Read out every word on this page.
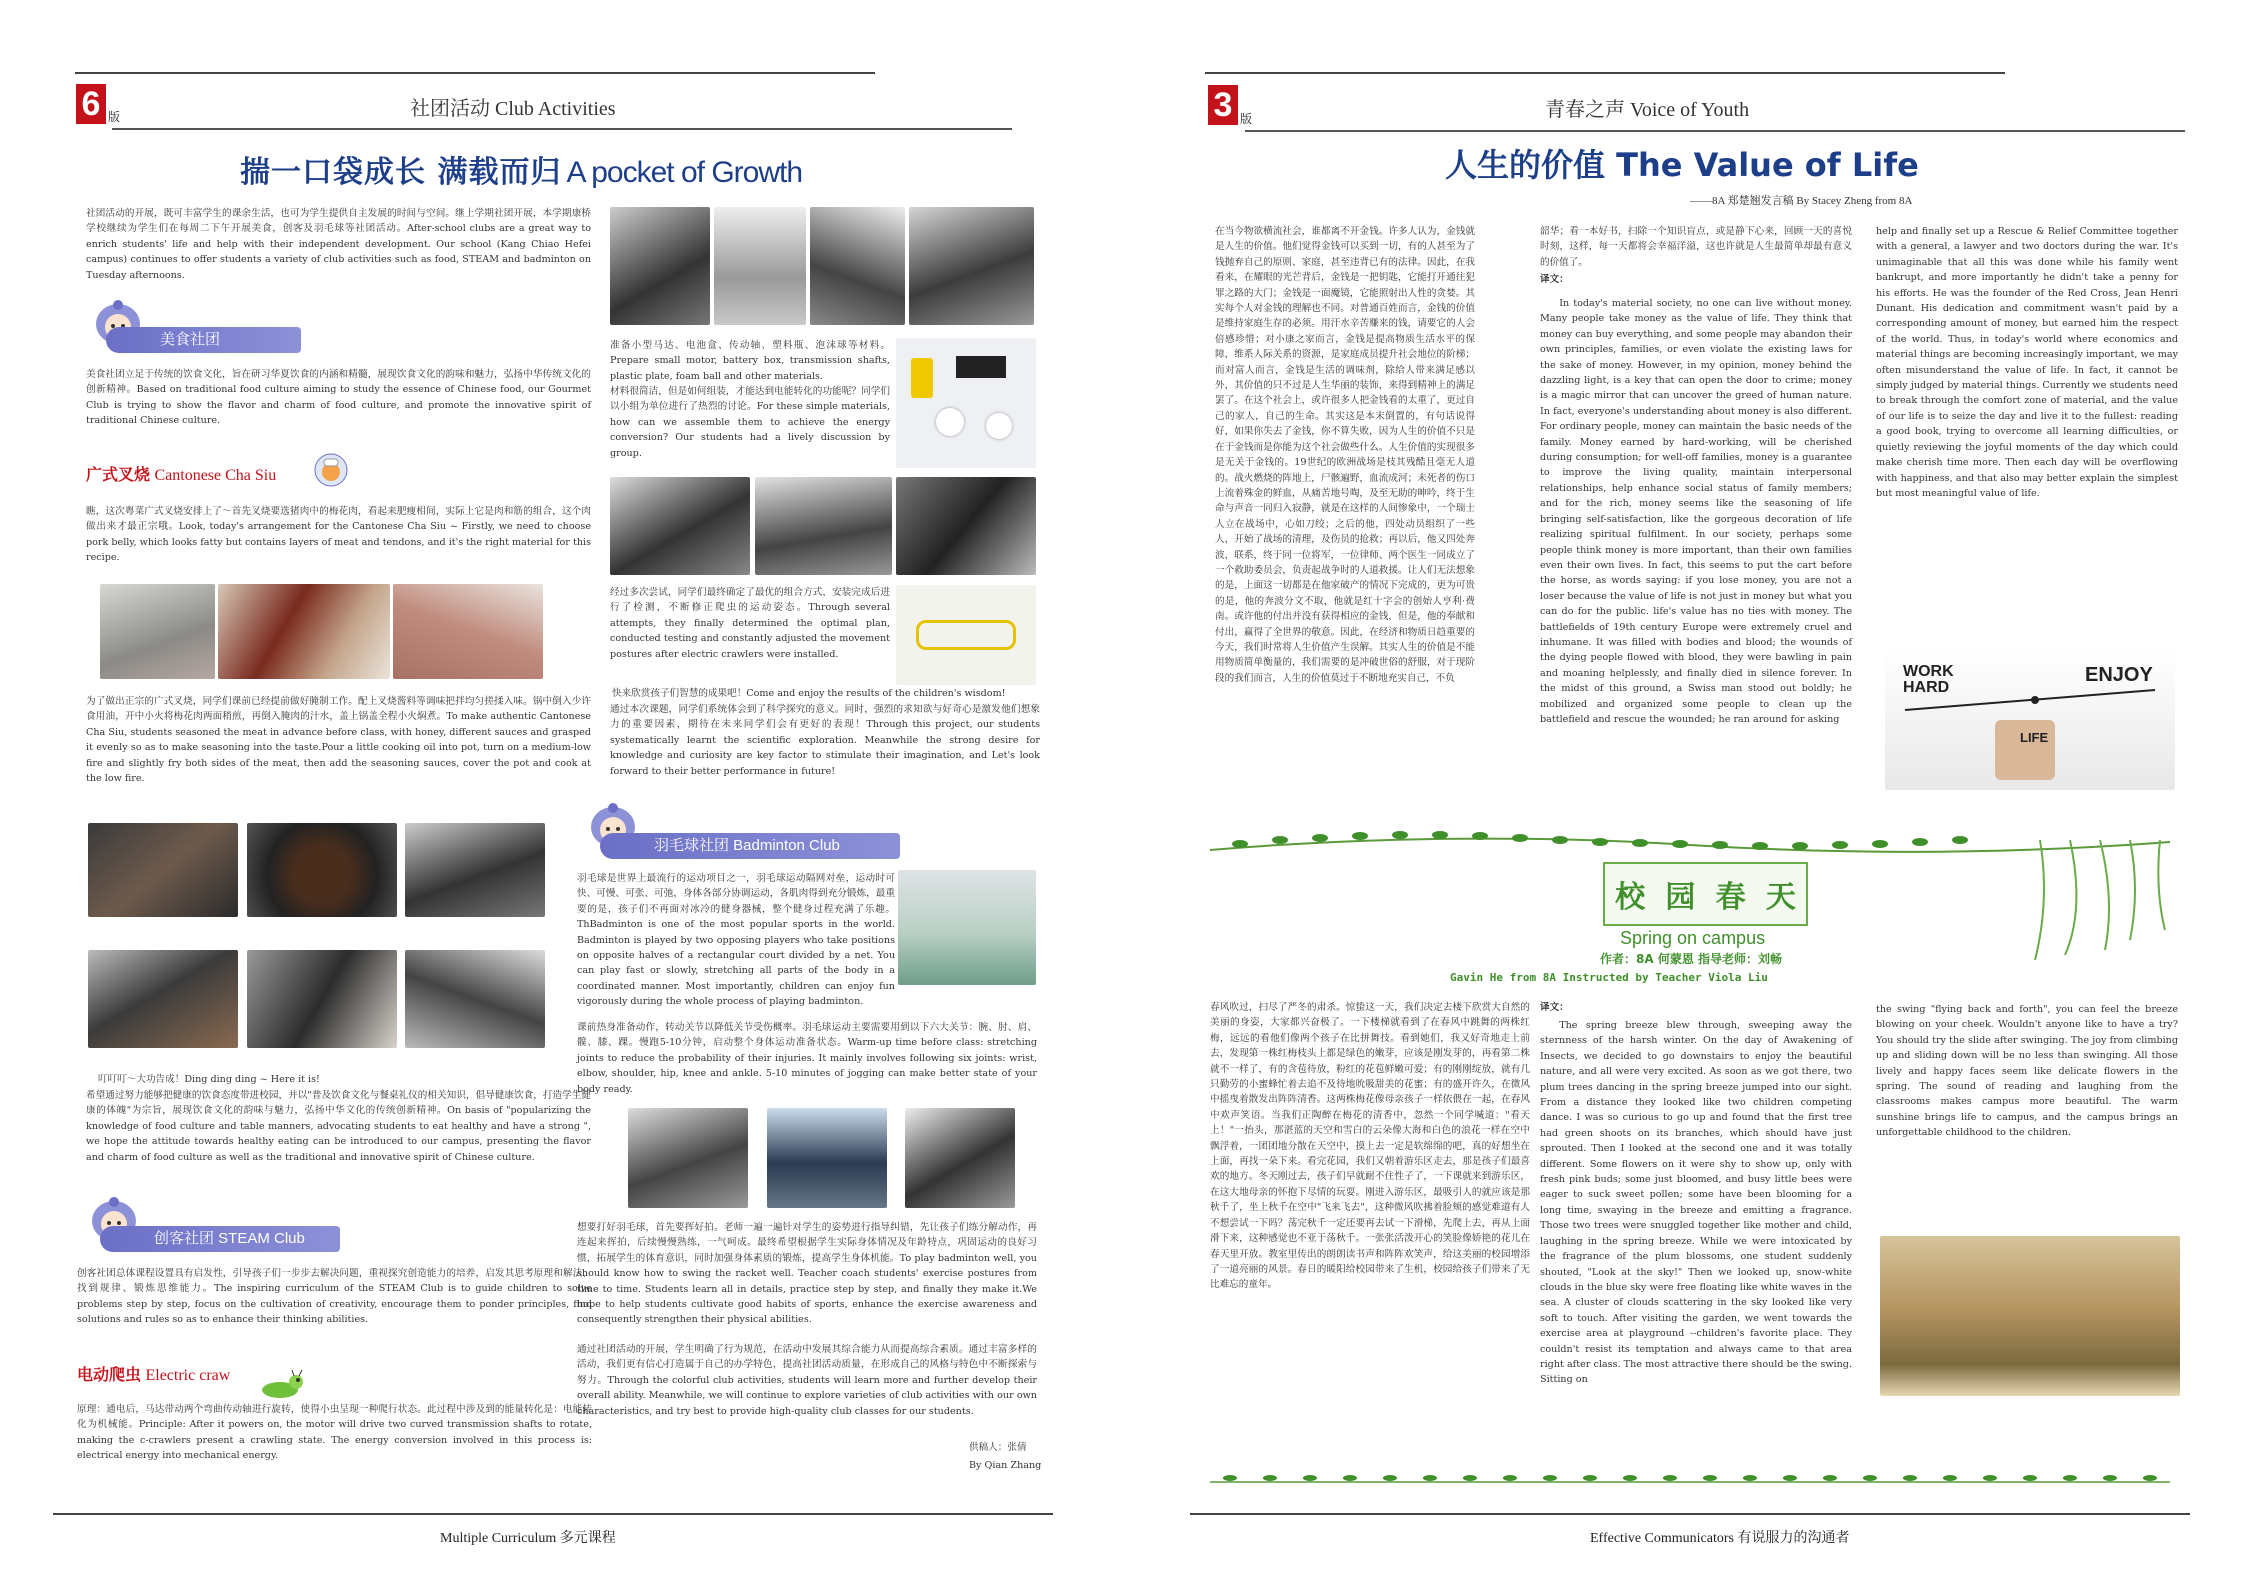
6 版	社团活动 Club Activities
揣一口袋成长 满载而归 A pocket of Growth
社团活动的开展，既可丰富学生的课余生活，也可为学生提供自主发展的时间与空间。继上学期社团开展，本学期康桥学校继续为学生们在每周二下午开展美食，创客及羽毛球等社团活动。After-school clubs are a great way to enrich students' life and help with their independent development. Our school (Kang Chiao Hefei campus) continues to offer students a variety of club activities such as food, STEAM and badminton on Tuesday afternoons.
美食社团
美食社团立足于传统的饮食文化，旨在研习华夏饮食的内涵和精髓，展现饮食文化的韵味和魅力，弘扬中华传统文化的创新精神。Based on traditional food culture aiming to study the essence of Chinese food, our Gourmet Club is trying to show the flavor and charm of food culture, and promote the innovative spirit of traditional Chinese culture.
广式叉烧 Cantonese Cha Siu
瞧，这次粤菜广式叉烧安排上了～首先叉烧要选猪肉中的梅花肉，看起来肥瘦相间，实际上它是肉和筋的组合，这个肉做出来才最正宗哦。Look, today's arrangement for the Cantonese Cha Siu ~ Firstly, we need to choose pork belly, which looks fatty but contains layers of meat and tendons, and it's the right material for this recipe.
为了做出正宗的广式叉烧，同学们课前已经提前做好腌制工作。配上叉烧酱料等调味把拌均匀搓揉入味。锅中倒入少许食用油，开中小火将梅花肉两面稍煎，再倒入腌肉的汁水，盖上锅盖全程小火焖煮。To make authentic Cantonese Cha Siu, students seasoned the meat in advance before class, with honey, different sauces and grasped it evenly so as to make seasoning into the taste.Pour a little cooking oil into pot, turn on a medium-low fire and slightly fry both sides of the meat, then add the seasoning sauces, cover the pot and cook at the low fire.
叮叮叮～大功告成！Ding ding ding ~ Here it is!
希望通过努力能够把健康的饮食态度带进校园，并以"普及饮食文化与餐桌礼仪的相关知识，倡导健康饮食，打造学生健康的体魄"为宗旨，展现饮食文化的韵味与魅力，弘扬中华文化的传统创新精神。On basis of "popularizing the knowledge of food culture and table manners, advocating students to eat healthy and have a strong ", we hope the attitude towards healthy eating can be introduced to our campus, presenting the flavor and charm of food culture as well as the traditional and innovative spirit of Chinese culture.
创客社团 STEAM Club
创客社团总体课程设置具有启发性，引导孩子们一步步去解决问题，重视探究创造能力的培养，启发其思考原理和解法、找到规律、锻炼思维能力。The inspiring curriculum of the STEAM Club is to guide children to solve problems step by step, focus on the cultivation of creativity, encourage them to ponder principles, find solutions and rules so as to enhance their thinking abilities.
电动爬虫 Electric craw
原理：通电后，马达带动两个弯曲传动轴进行旋转，使得小虫呈现一种爬行状态。此过程中涉及到的能量转化是：电能转化为机械能。Principle: After it powers on, the motor will drive two curved transmission shafts to rotate, making the c-crawlers present a crawling state. The energy conversion involved in this process is: electrical energy into mechanical energy.
准备小型马达、电池盒、传动轴、塑料瓶、泡沫球等材料。Prepare small motor, battery box, transmission shafts, plastic plate, foam ball and other materials.
材料很简洁，但是如何组装，才能达到电能转化的功能呢？同学们以小组为单位进行了热烈的讨论。For these simple materials, how can we assemble them to achieve the energy conversion? Our students had a lively discussion by group.
经过多次尝试，同学们最终确定了最优的组合方式，安装完成后进行了检测，不断修正爬虫的运动姿态。Through several attempts, they finally determined the optimal plan, conducted testing and constantly adjusted the movement postures after electric crawlers were installed.
快来欣赏孩子们智慧的成果吧！Come and enjoy the results of the children's wisdom!
通过本次课题，同学们系统体会到了科学探究的意义。同时，强烈的求知欲与好奇心是激发他们想象力的重要因素，期待在未来同学们会有更好的表现！Through this project, our students systematically learnt the scientific exploration. Meanwhile the strong desire for knowledge and curiosity are key factor to stimulate their imagination, and Let's look forward to their better performance in future!
羽毛球社团 Badminton Club
羽毛球是世界上最流行的运动项目之一，羽毛球运动隔网对垒，运动时可快、可慢、可张、可弛，身体各部分协调运动，各肌肉得到充分锻炼，最重要的是，孩子们不再面对冰冷的健身器械，整个健身过程充满了乐趣。ThBadminton is one of the most popular sports in the world. Badminton is played by two opposing players who take positions on opposite halves of a rectangular court divided by a net. You can play fast or slowly, stretching all parts of the body in a coordinated manner. Most importantly, children can enjoy fun vigorously during the whole process of playing badminton.
课前热身准备动作，转动关节以降低关节受伤概率。羽毛球运动主要需要用到以下六大关节：腕、肘、肩、髋、膝、踝。慢跑5-10分钟，启动整个身体运动准备状态。Warm-up time before class: stretching joints to reduce the probability of their injuries. It mainly involves following six joints: wrist, elbow, shoulder, hip, knee and ankle. 5-10 minutes of jogging can make better state of your body ready.
想要打好羽毛球，首先要挥好拍。老师一遍一遍针对学生的姿势进行指导纠错，先让孩子们练分解动作，再连起来挥拍，后续慢慢熟练，一气呵成。最终希望根据学生实际身体情况及年龄特点，巩固运动的良好习惯，拓展学生的体育意识，同时加强身体素质的锻炼，提高学生身体机能。To play badminton well, you should know how to swing the racket well. Teacher coach students' exercise postures from time to time. Students learn all in details, practice step by step, and finally they make it.We hope to help students cultivate good habits of sports, enhance the exercise awareness and consequently strengthen their physical abilities.
通过社团活动的开展，学生明确了行为规范，在活动中发展其综合能力从而提高综合素质。通过丰富多样的活动，我们更有信心打造属于自己的办学特色，提高社团活动质量，在形成自己的风格与特色中不断探索与努力。Through the colorful club activities, students will learn more and further develop their overall ability. Meanwhile, we will continue to explore varieties of club activities with our own characteristics, and try best to provide high-quality club classes for our students.
供稿人：张倩
By Qian Zhang
Multiple Curriculum 多元课程
3 版	青春之声 Voice of Youth
人生的价值 The Value of Life
——8A 郑楚翘发言稿 By Stacey Zheng from 8A
在当今物欲横流社会，谁都离不开金钱。许多人认为，金钱就是人生的价值。他们觉得金钱可以买到一切，有的人甚至为了钱抛弃自己的原则、家庭，甚至违背已有的法律。因此，在我看来，在耀眼的光芒背后，金钱是一把钥匙，它能打开通往犯罪之路的大门；金钱是一面魔镜，它能照射出人性的贪婪。其实每个人对金钱的理解也不同。对普通百姓而言，金钱的价值是维持家庭生存的必须。用汗水辛苦赚来的钱，请要它的人会倍感珍惜；对小康之家而言，金钱是提高物质生活水平的保障，维系人际关系的资源，是家庭成员提升社会地位的阶梯；而对富人而言，金钱是生活的调味剂，除给人带来满足感以外，其价值的只不过是人生华丽的装饰，来得到精神上的满足罢了。在这个社会上，或许很多人把金钱看的太重了，更过自己的家人，自己的生命。其实这是本末倒置的，有句话说得好，如果你失去了金钱，你不算失败，因为人生的价值不只是在于金钱而是你能为这个社会做些什么。人生价值的实现很多是无关于金钱的。19世纪的欧洲战场是枝其残酷且毫无人道的。战火燃烧的阵地上，尸骸遍野，血流成河；未死者的伤口上流着殊金的鲜血，从痛苦地号啕，及至无助的呻吟，终于生命与声音一同归入寂静，就是在这样的人间惨象中，一个瑞士人立在战场中，心如刀绞；之后的他，四处动员组织了一些人，开始了战场的清理，及伤员的抢救；再以后，他又四处奔波，联系，终于同一位将军，一位律师、两个医生一同成立了一个救助委员会，负责起战争时的人道救援。让人们无法想象的是，上面这一切都是在他家破产的情况下完成的，更为可贵的是，他的奔波分文不取，他就是红十字会的创始人亨利·费南。或许他的付出并没有获得相应的金钱，但是，他的奉献和付出，赢得了全世界的敬意。因此，在经济和物质日趋重要的今天，我们时常将人生价值产生误解。其实人生的价值是不能用物质简单衡量的，我们需要的是冲破世俗的舒服，对于现阶段的我们而言，人生的价值莫过于不断地充实自己，不负
韶华；看一本好书，扫除一个知识盲点，或是静下心来，回顾一天的喜悦时刻，这样，每一天都将会幸福洋溢，这也许就是人生最简单却最有意义的价值了。
译文：
In today's material society, no one can live without money. Many people take money as the value of life. They think that money can buy everything, and some people may abandon their own principles, families, or even violate the existing laws for the sake of money. However, in my opinion, money behind the dazzling light, is a key that can open the door to crime; money is a magic mirror that can uncover the greed of human nature. In fact, everyone's understanding about money is also different. For ordinary people, money can maintain the basic needs of the family. Money earned by hard-working, will be cherished during consumption; for well-off families, money is a guarantee to improve the living quality, maintain interpersonal relationships, help enhance social status of family members; and for the rich, money seems like the seasoning of life bringing self-satisfaction, like the gorgeous decoration of life realizing spiritual fulfilment. In our society, perhaps some people think money is more important, than their own families even their own lives. In fact, this seems to put the cart before the horse, as words saying: if you lose money, you are not a loser because the value of life is not just in money but what you can do for the public. life's value has no ties with money. The battlefields of 19th century Europe were extremely cruel and inhumane. It was filled with bodies and blood; the wounds of the dying people flowed with blood, they were bawling in pain and moaning helplessly, and finally died in silence forever. In the midst of this ground, a Swiss man stood out boldly; he mobilized and organized some people to clean up the battlefield and rescue the wounded; he ran around for asking
help and finally set up a Rescue & Relief Committee together with a general, a lawyer and two doctors during the war. It's unimaginable that all this was done while his family went bankrupt, and more importantly he didn't take a penny for his efforts. He was the founder of the Red Cross, Jean Henri Dunant. His dedication and commitment wasn't paid by a corresponding amount of money, but earned him the respect of the world. Thus, in today's world where economics and material things are becoming increasingly important, we may often misunderstand the value of life. In fact, it cannot be simply judged by material things. Currently we students need to break through the comfort zone of material, and the value of our life is to seize the day and live it to the fullest: reading a good book, trying to overcome all learning difficulties, or quietly reviewing the joyful moments of the day which could make cherish time more. Then each day will be overflowing with happiness, and that also may better explain the simplest but most meaningful value of life.
WORK HARD
ENJOY
LIFE
校 园 春 天
Spring on campus
作者：8A 何蒙恩 指导老师：刘畅
Gavin He from 8A Instructed by Teacher Viola Liu
春风吹过，扫尽了严冬的肃杀。惊蛰这一天，我们决定去楼下欣赏大自然的美丽的身姿，大家都兴奋极了。一下楼梯就看到了在春风中跳舞的两株红梅，远远的看他们像两个孩子在比拼舞技。看到她们，我又好奇地走上前去，发现第一株红梅枝头上都是绿色的嫩芽，应该是刚发芽的，再看第二株就不一样了，有的含苞待放，粉红的花苞鲜嫩可爱；有的刚刚绽放，就有几只勤劳的小蜜蜂忙着去追不及待地吮吸甜美的花蜜；有的盛开许久，在微风中摇曳着散发出阵阵清香。这两株梅花像母亲孩子一样依偎在一起，在春风中欢声笑语。当我们正陶醉在梅花的清香中，忽然一个同学喊道："看天上！"一抬头，那湛蓝的天空和雪白的云朵像大海和白色的浪花一样在空中飘浮着，一团团地分散在天空中，摸上去一定是软绵绵的吧，真的好想坐在上面，再找一朵下来。看完花园，我们又朝着游乐区走去，那是孩子们最喜欢的地方。冬天刚过去，孩子们早就耐不住性子了，一下课就来到游乐区，在这大地母亲的怀抱下尽情的玩耍。刚进入游乐区，最吸引人的就应该是那秋千了，坐上秋千在空中"飞来飞去"，这种微风吹拂着脸颊的感觉难道有人不想尝试一下吗？荡完秋千一定还要再去试一下滑梯，先爬上去，再从上面滑下来，这种感觉也不亚于荡秋千。一张张活泼开心的笑脸像娇艳的花儿在春天里开放。教室里传出的朗朗读书声和阵阵欢笑声，给这美丽的校园增添了一道亮丽的风景。春日的暖阳给校园带来了生机，校园给孩子们带来了无比难忘的童年。
译文：
The spring breeze blew through, sweeping away the sternness of the harsh winter. On the day of Awakening of Insects, we decided to go downstairs to enjoy the beautiful nature, and all were very excited. As soon as we got there, two plum trees dancing in the spring breeze jumped into our sight. From a distance they looked like two children competing dance. I was so curious to go up and found that the first tree had green shoots on its branches, which should have just sprouted. Then I looked at the second one and it was totally different. Some flowers on it were shy to show up, only with fresh pink buds; some just bloomed, and busy little bees were eager to suck sweet pollen; some have been blooming for a long time, swaying in the breeze and emitting a fragrance. Those two trees were snuggled together like mother and child, laughing in the spring breeze. While we were intoxicated by the fragrance of the plum blossoms, one student suddenly shouted, "Look at the sky!" Then we looked up, snow-white clouds in the blue sky were free floating like white waves in the sea. A cluster of clouds scattering in the sky looked like very soft to touch. After visiting the garden, we went towards the exercise area at playground --children's favorite place. They couldn't resist its temptation and always came to that area right after class. The most attractive there should be the swing. Sitting on
the swing "flying back and forth", you can feel the breeze blowing on your cheek. Wouldn't anyone like to have a try? You should try the slide after swinging. The joy from climbing up and sliding down will be no less than swinging. All those lively and happy faces seem like delicate flowers in the spring. The sound of reading and laughing from the classrooms makes campus more beautiful. The warm sunshine brings life to campus, and the campus brings an unforgettable childhood to the children.
Effective Communicators 有说服力的沟通者
